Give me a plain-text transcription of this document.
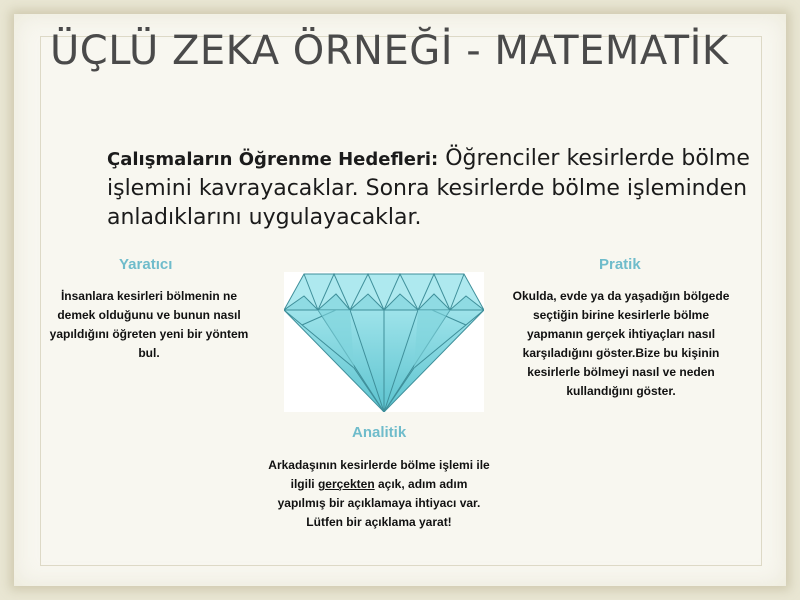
ÜÇLÜ ZEKA ÖRNEĞİ - MATEMATİK

Çalışmaların Öğrenme Hedefleri: Öğrenciler kesirlerde bölme işlemini kavrayacaklar. Sonra kesirlerde bölme işleminden anladıklarını uygulayacaklar.

Yaratıcı
İnsanlara kesirleri bölmenin ne demek olduğunu ve bunun nasıl yapıldığını öğreten yeni bir yöntem bul.
Pratik
Okulda, evde ya da yaşadığın bölgede seçtiğin birine kesirlerle bölme yapmanın gerçek ihtiyaçları nasıl karşıladığını göster.Bize bu kişinin kesirlerle bölmeyi nasıl ve neden kullandığını göster.
Analitik
Arkadaşının kesirlerde bölme işlemi ile ilgili gerçekten açık, adım adım yapılmış bir açıklamaya ihtiyacı var. Lütfen bir açıklama yarat!
